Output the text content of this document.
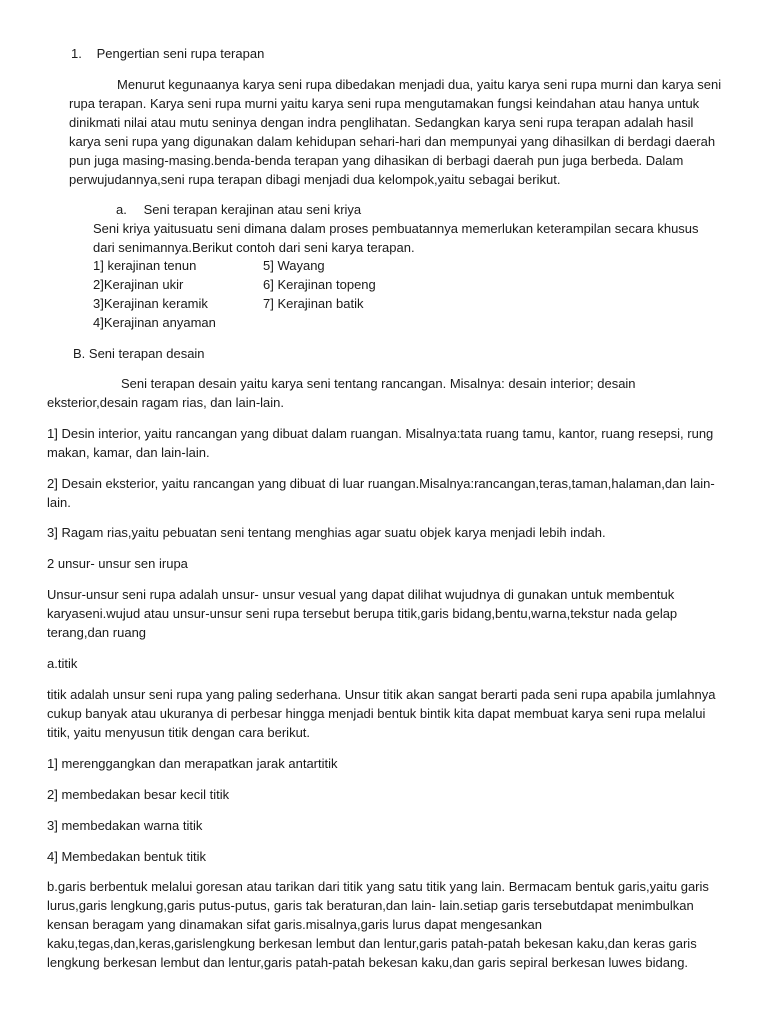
1. Pengertian seni rupa terapan

Menurut kegunaanya karya seni rupa dibedakan menjadi dua, yaitu karya seni rupa murni dan karya seni rupa terapan. Karya seni rupa murni yaitu karya seni rupa mengutamakan fungsi keindahan atau hanya untuk dinikmati nilai atau mutu seninya dengan indra penglihatan. Sedangkan karya seni rupa terapan adalah hasil karya seni rupa yang digunakan dalam kehidupan sehari-hari dan mempunyai yang dihasilkan di berdagi daerah pun juga masing-masing.benda-benda terapan yang dihasikan di berbagi daerah pun juga berbeda. Dalam perwujudannya,seni rupa terapan dibagi menjadi dua kelompok,yaitu sebagai berikut.

a. Seni terapan kerajinan atau seni kriya

Seni kriya yaitusuatu seni dimana dalam proses pembuatannya memerlukan keterampilan secara khusus dari senimannya.Berikut contoh dari seni karya terapan.

1] kerajinan tenun	5] Wayang
2]Kerajinan ukir	6] Kerajinan topeng
3]Kerajinan keramik	7] Kerajinan batik
4]Kerajinan anyaman
B. Seni terapan desain

Seni terapan desain yaitu karya seni tentang rancangan. Misalnya: desain interior; desain eksterior,desain ragam rias, dan lain-lain.

1] Desin interior, yaitu rancangan yang dibuat dalam ruangan. Misalnya:tata ruang tamu, kantor, ruang resepsi, rung makan, kamar, dan lain-lain.

2] Desain eksterior, yaitu rancangan yang dibuat di luar ruangan.Misalnya:rancangan,teras,taman,halaman,dan lain-lain.

3] Ragam rias,yaitu pebuatan seni tentang menghias agar suatu objek karya menjadi lebih indah.

2 unsur- unsur sen irupa

Unsur-unsur seni rupa adalah unsur- unsur vesual yang dapat dilihat wujudnya di gunakan untuk membentuk karyaseni.wujud atau unsur-unsur seni rupa tersebut berupa titik,garis bidang,bentu,warna,tekstur nada gelap terang,dan ruang

a.titik

titik adalah unsur seni rupa yang paling sederhana. Unsur titik akan sangat berarti pada seni rupa apabila jumlahnya cukup banyak atau ukuranya di perbesar hingga menjadi bentuk bintik kita dapat membuat karya seni rupa melalui titik, yaitu menyusun titik dengan cara berikut.

1] merenggangkan dan merapatkan jarak antartitik
2] membedakan besar kecil titik
3] membedakan warna titik
4] Membedakan bentuk titik

b.garis berbentuk melalui goresan atau tarikan dari titik yang satu titik yang lain. Bermacam bentuk garis,yaitu garis lurus,garis lengkung,garis putus-putus, garis tak beraturan,dan lain- lain.setiap garis tersebutdapat menimbulkan kensan beragam yang dinamakan sifat garis.misalnya,garis lurus dapat mengesankan

kaku,tegas,dan,keras,garislengkung berkesan lembut dan lentur,garis patah-patah bekesan kaku,dan keras garis lengkung berkesan lembut dan lentur,garis patah-patah bekesan kaku,dan garis sepiral berkesan luwes bidang.
